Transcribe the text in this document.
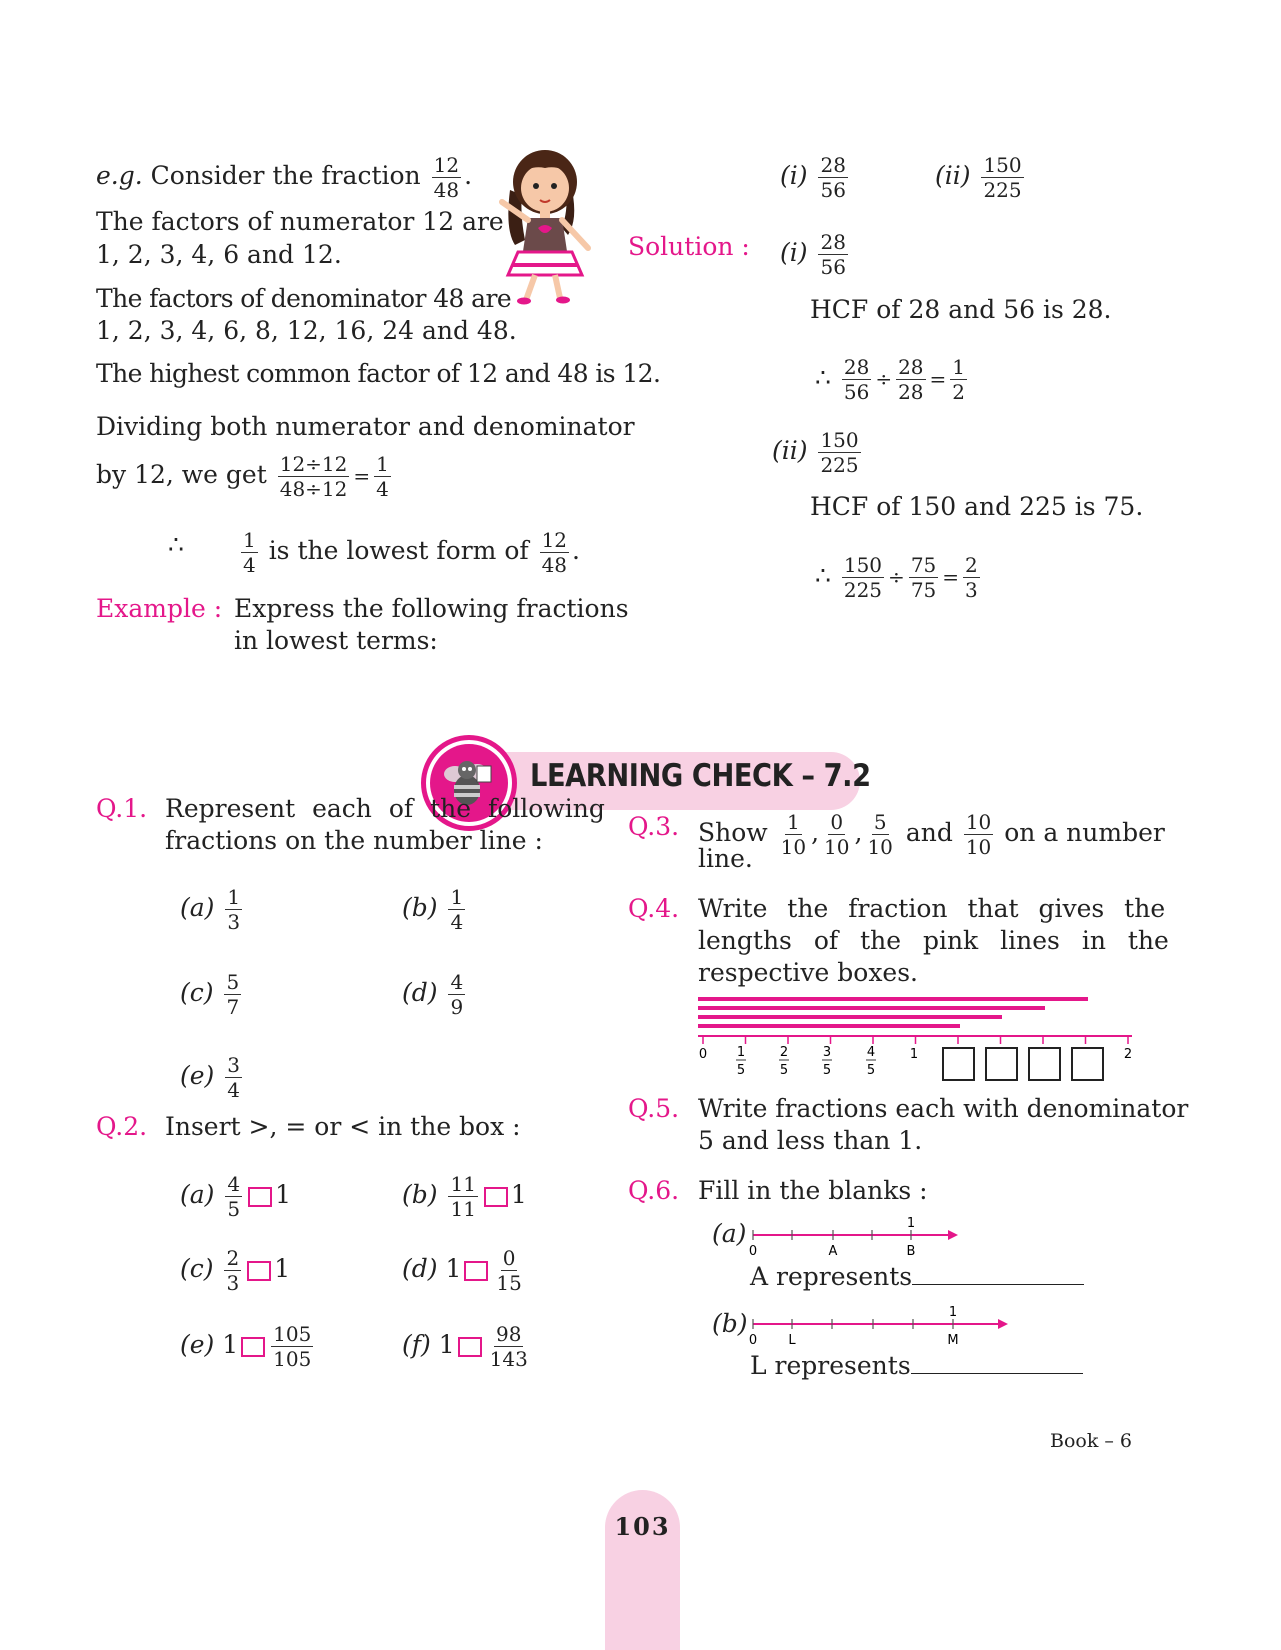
e.g. Consider the fraction $\frac{12}{48}$ .
The factors of numerator 12 are
1, 2, 3, 4, 6 and 12.
The factors of denominator 48 are
1, 2, 3, 4, 6, 8, 12, 16, 24 and 48.
The highest common factor of 12 and 48 is 12.
Dividing both numerator and denominator
by 12, we get $\frac{12\div 12}{48\div 12} = \frac{1}{4}$
∴	$\frac{1}{4}$ is the lowest form of $\frac{12}{48}$ .
Example : Express the following fractions
in lowest terms:
$(i) \frac{28}{56}$	$(ii) \frac{150}{225}$
Solution : $(i) \frac{28}{56}$
HCF of 28 and 56 is 28.
∴ $\frac{28}{56} \div \frac{28}{28} = \frac{1}{2}$
$(ii) \frac{150}{225}$
HCF of 150 and 225 is 75.
∴ $\frac{150}{225} \div \frac{75}{75} = \frac{2}{3}$
LEARNING CHECK – 7.2
Q.1. Represent each of the following
fractions on the number line :
$(a) \frac{1}{3}$	$(b) \frac{1}{4}$
$(c) \frac{5}{7}$	$(d) \frac{4}{9}$
$(e) \frac{3}{4}$
Q.2. Insert >, = or < in the box :
$(a) \frac{4}{5} 1$	$(b) \frac{11}{11} 1$
$(c) \frac{2}{3} 1$	(d) $1 \frac{0}{15}$
(e) $1 \frac{105}{105}$	(f) $1 \frac{98}{143}$
Q.3. Show $\frac{1}{10}$ , $\frac{0}{10}$ , $\frac{5}{10}$ and $\frac{10}{10}$ on a number
line.
Q.4. Write the fraction that gives the
lengths of the pink lines in the
respective boxes.
0	1	2
1
5
2
5
3
5
4
5
Q.5. Write fractions each with denominator
5 and less than 1.
Q.6. Fill in the blanks :
(a)
0	A	B
1
A represents
(b)
0 L	M
1
L represents
103
Book – 6
